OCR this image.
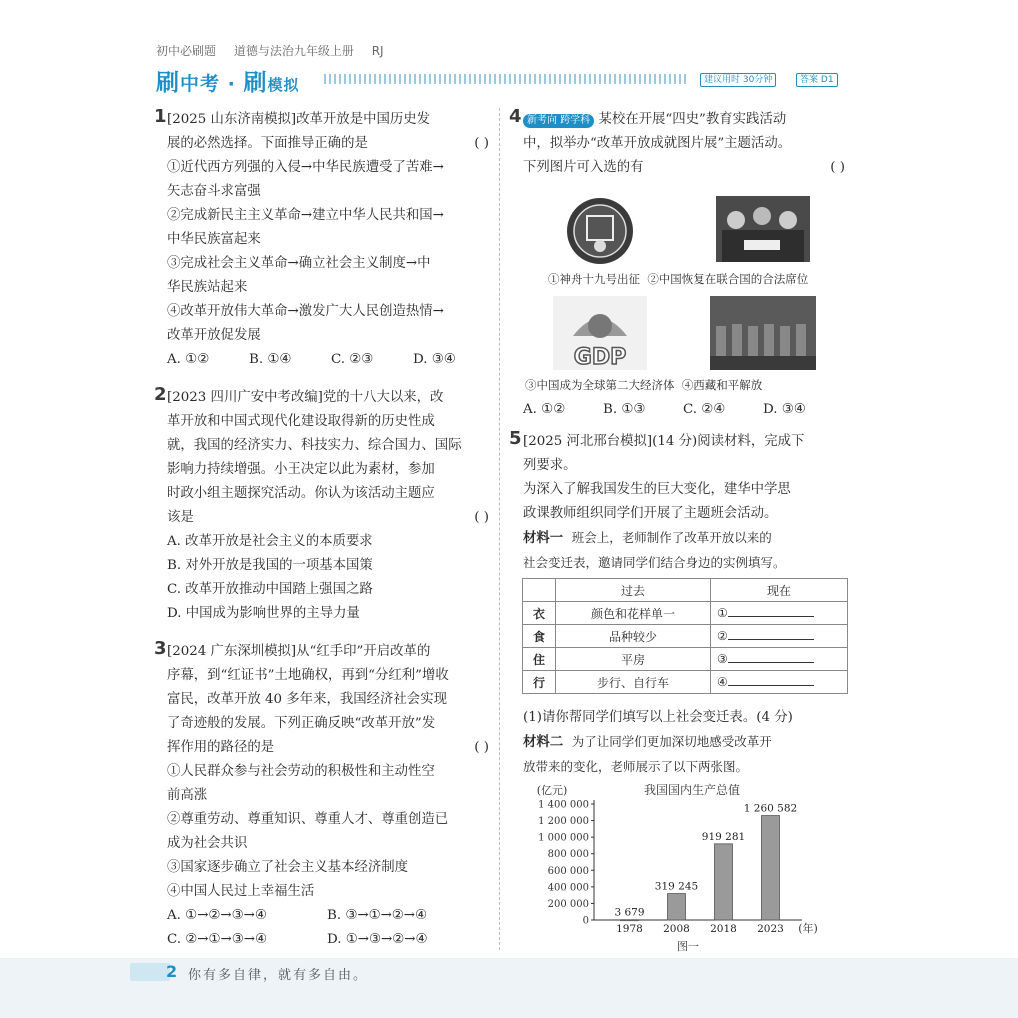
初中必刷题 道德与法治九年级上册 RJ
刷中考 · 刷模拟	建议用时 30分钟	答案 D1
1 [2025 山东济南模拟]改革开放是中国历史发
展的必然选择。下面推导正确的是	( )
①近代西方列强的入侵→中华民族遭受了苦难→
矢志奋斗求富强
②完成新民主主义革命→建立中华人民共和国→
中华民族富起来
③完成社会主义革命→确立社会主义制度→中
华民族站起来
④改革开放伟大革命→激发广大人民创造热情→
改革开放促发展
A. ①②	B. ①④	C. ②③	D. ③④
2 [2023 四川广安中考改编]党的十八大以来，改
革开放和中国式现代化建设取得新的历史性成
就，我国的经济实力、科技实力、综合国力、国际
影响力持续增强。小王决定以此为素材，参加
时政小组主题探究活动。你认为该活动主题应
该是	( )
A. 改革开放是社会主义的本质要求
B. 对外开放是我国的一项基本国策
C. 改革开放推动中国踏上强国之路
D. 中国成为影响世界的主导力量
3 [2024 广东深圳模拟]从“红手印”开启改革的
序幕，到“红证书”土地确权，再到“分红利”增收
富民，改革开放 40 多年来，我国经济社会实现
了奇迹般的发展。下列正确反映“改革开放”发
挥作用的路径的是	( )
①人民群众参与社会劳动的积极性和主动性空
前高涨
②尊重劳动、尊重知识、尊重人才、尊重创造已
成为社会共识
③国家逐步确立了社会主义基本经济制度
④中国人民过上幸福生活
A. ①→②→③→④	B. ③→①→②→④
C. ②→①→③→④	D. ①→③→②→④
4 新考向 跨学科 某校在开展“四史”教育实践活动
中，拟举办“改革开放成就图片展”主题活动。
下列图片可入选的有	( )
①神舟十九号出征 ②中国恢复在联合国的合法席位
GDP
③中国成为全球第二大经济体 ④西藏和平解放
A. ①②	B. ①③	C. ②④	D. ③④
5 [2025 河北邢台模拟](14 分)阅读材料，完成下
列要求。
为深入了解我国发生的巨大变化，建华中学思
政课教师组织同学们开展了主题班会活动。
材料一 班会上，老师制作了改革开放以来的
社会变迁表，邀请同学们结合身边的实例填写。
	过去	现在
衣	颜色和花样单一	①
食	品种较少	②
住	平房	③
行	步行、自行车	④
(1)请你帮同学们填写以上社会变迁表。(4 分)
材料二 为了让同学们更加深切地感受改革开
放带来的变化，老师展示了以下两张图。
我国国内生产总值
(亿元)
(年)
图一
0
200 000
400 000
600 000
800 000
1 000 000
1 200 000
1 400 000
3 679
1978
319 245
2008
919 281
2018
1 260 582
2023
2 你有多自律，就有多自由。
